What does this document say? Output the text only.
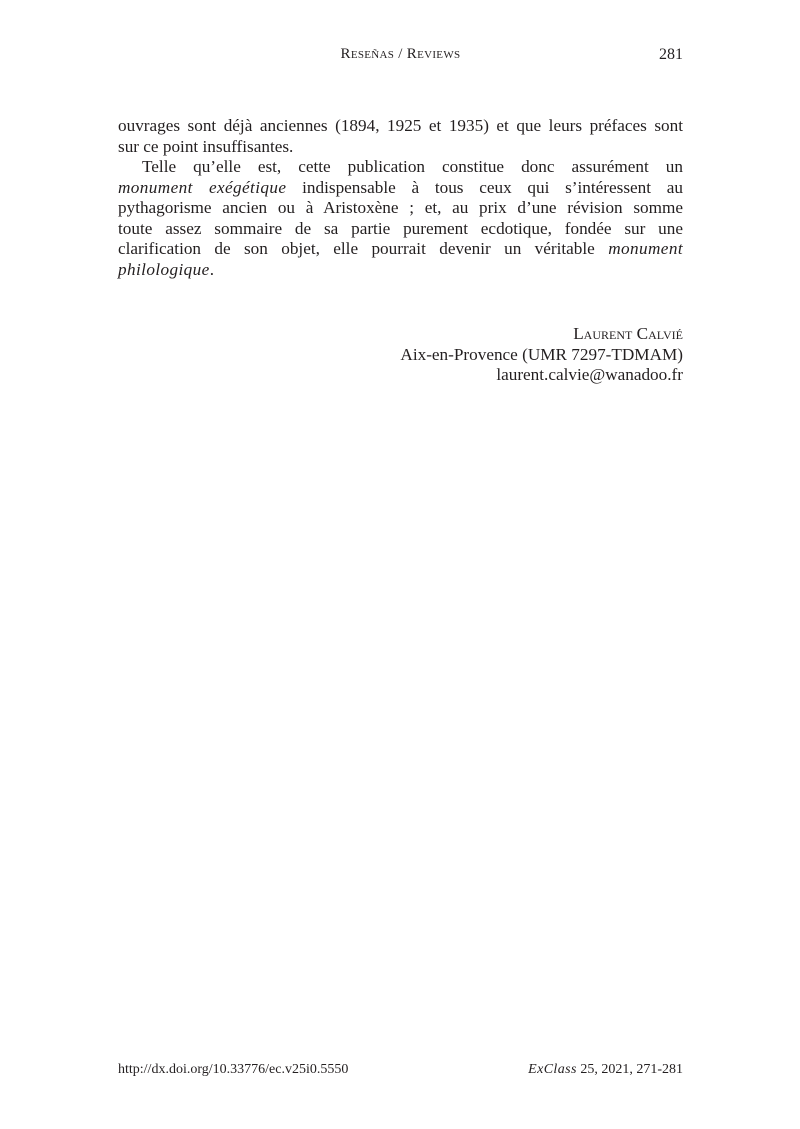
Reseñas / Reviews	281
ouvrages sont déjà anciennes (1894, 1925 et 1935) et que leurs préfaces sont
sur ce point insuffisantes.
Telle qu’elle est, cette publication constitue donc assurément un
monument exégétique indispensable à tous ceux qui s’intéressent au
pythagorisme ancien ou à Aristoxène ; et, au prix d’une révision somme
toute assez sommaire de sa partie purement ecdotique, fondée sur une
clarification de son objet, elle pourrait devenir un véritable monument
philologique.
Laurent Calvié
Aix-en-Provence (UMR 7297-TDMAM)
laurent.calvie@wanadoo.fr
http://dx.doi.org/10.33776/ec.v25i0.5550	ExClass 25, 2021, 271-281
